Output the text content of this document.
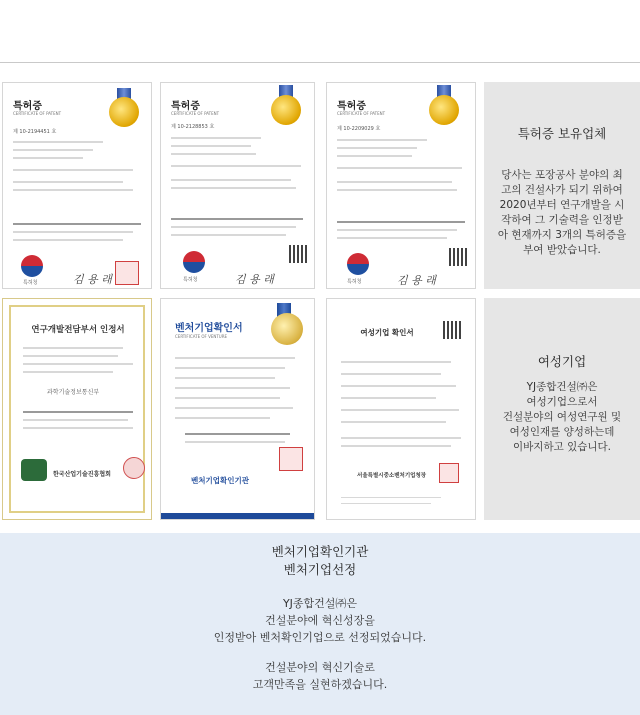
특허증
CERTIFICATE OF PATENT
제 10-2194451 호
특허청	김 용 래
특허증
CERTIFICATE OF PATENT
제 10-2128853 호
특허청	김 용 래
특허증
CERTIFICATE OF PATENT
제 10-2209029 호
특허청	김 용 래
특허증 보유업체
당사는 포장공사 분야의 최
고의 건설사가 되기 위하여
2020년부터 연구개발을 시
작하여 그 기술력을 인정받
아 현재까지 3개의 특허증을
부여 받았습니다.
연구개발전담부서 인정서
과학기술정보통신부
한국산업기술진흥협회
벤처기업확인서
CERTIFICATE OF VENTURE
벤처기업확인기관
여성기업 확인서
서울특별시중소벤처기업청장
여성기업
YJ종합건설㈜은
여성기업으로서
건설분야의 여성연구원 및
여성인재를 양성하는데
이바지하고 있습니다.
벤처기업확인기관
벤처기업선정
YJ종합건설㈜은
건설분야에 혁신성장을
인정받아 벤처확인기업으로 선정되었습니다.
건설분야의 혁신기술로
고객만족을 실현하겠습니다.
